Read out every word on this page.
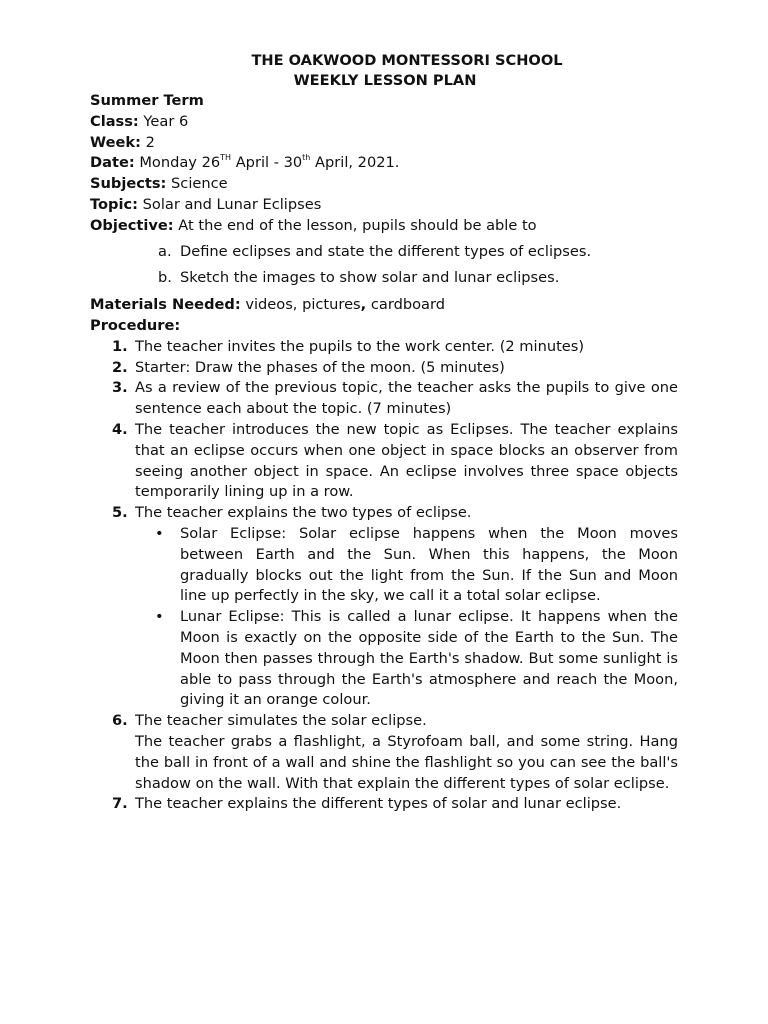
THE OAKWOOD MONTESSORI SCHOOL
WEEKLY LESSON PLAN
Summer Term
Class: Year 6
Week: 2
Date: Monday 26TH April - 30th April, 2021.
Subjects: Science
Topic: Solar and Lunar Eclipses
Objective: At the end of the lesson, pupils should be able to
a. Define eclipses and state the different types of eclipses.
b. Sketch the images to show solar and lunar eclipses.
Materials Needed: videos, pictures, cardboard
Procedure:
1. The teacher invites the pupils to the work center. (2 minutes)
2. Starter: Draw the phases of the moon. (5 minutes)
3. As a review of the previous topic, the teacher asks the pupils to give one sentence each about the topic. (7 minutes)
4. The teacher introduces the new topic as Eclipses. The teacher explains that an eclipse occurs when one object in space blocks an observer from seeing another object in space. An eclipse involves three space objects temporarily lining up in a row.
5. The teacher explains the two types of eclipse.
• Solar Eclipse: Solar eclipse happens when the Moon moves between Earth and the Sun. When this happens, the Moon gradually blocks out the light from the Sun. If the Sun and Moon line up perfectly in the sky, we call it a total solar eclipse.
• Lunar Eclipse: This is called a lunar eclipse. It happens when the Moon is exactly on the opposite side of the Earth to the Sun. The Moon then passes through the Earth's shadow. But some sunlight is able to pass through the Earth's atmosphere and reach the Moon, giving it an orange colour.
6. The teacher simulates the solar eclipse.
The teacher grabs a flashlight, a Styrofoam ball, and some string. Hang the ball in front of a wall and shine the flashlight so you can see the ball's shadow on the wall. With that explain the different types of solar eclipse.
7. The teacher explains the different types of solar and lunar eclipse.
